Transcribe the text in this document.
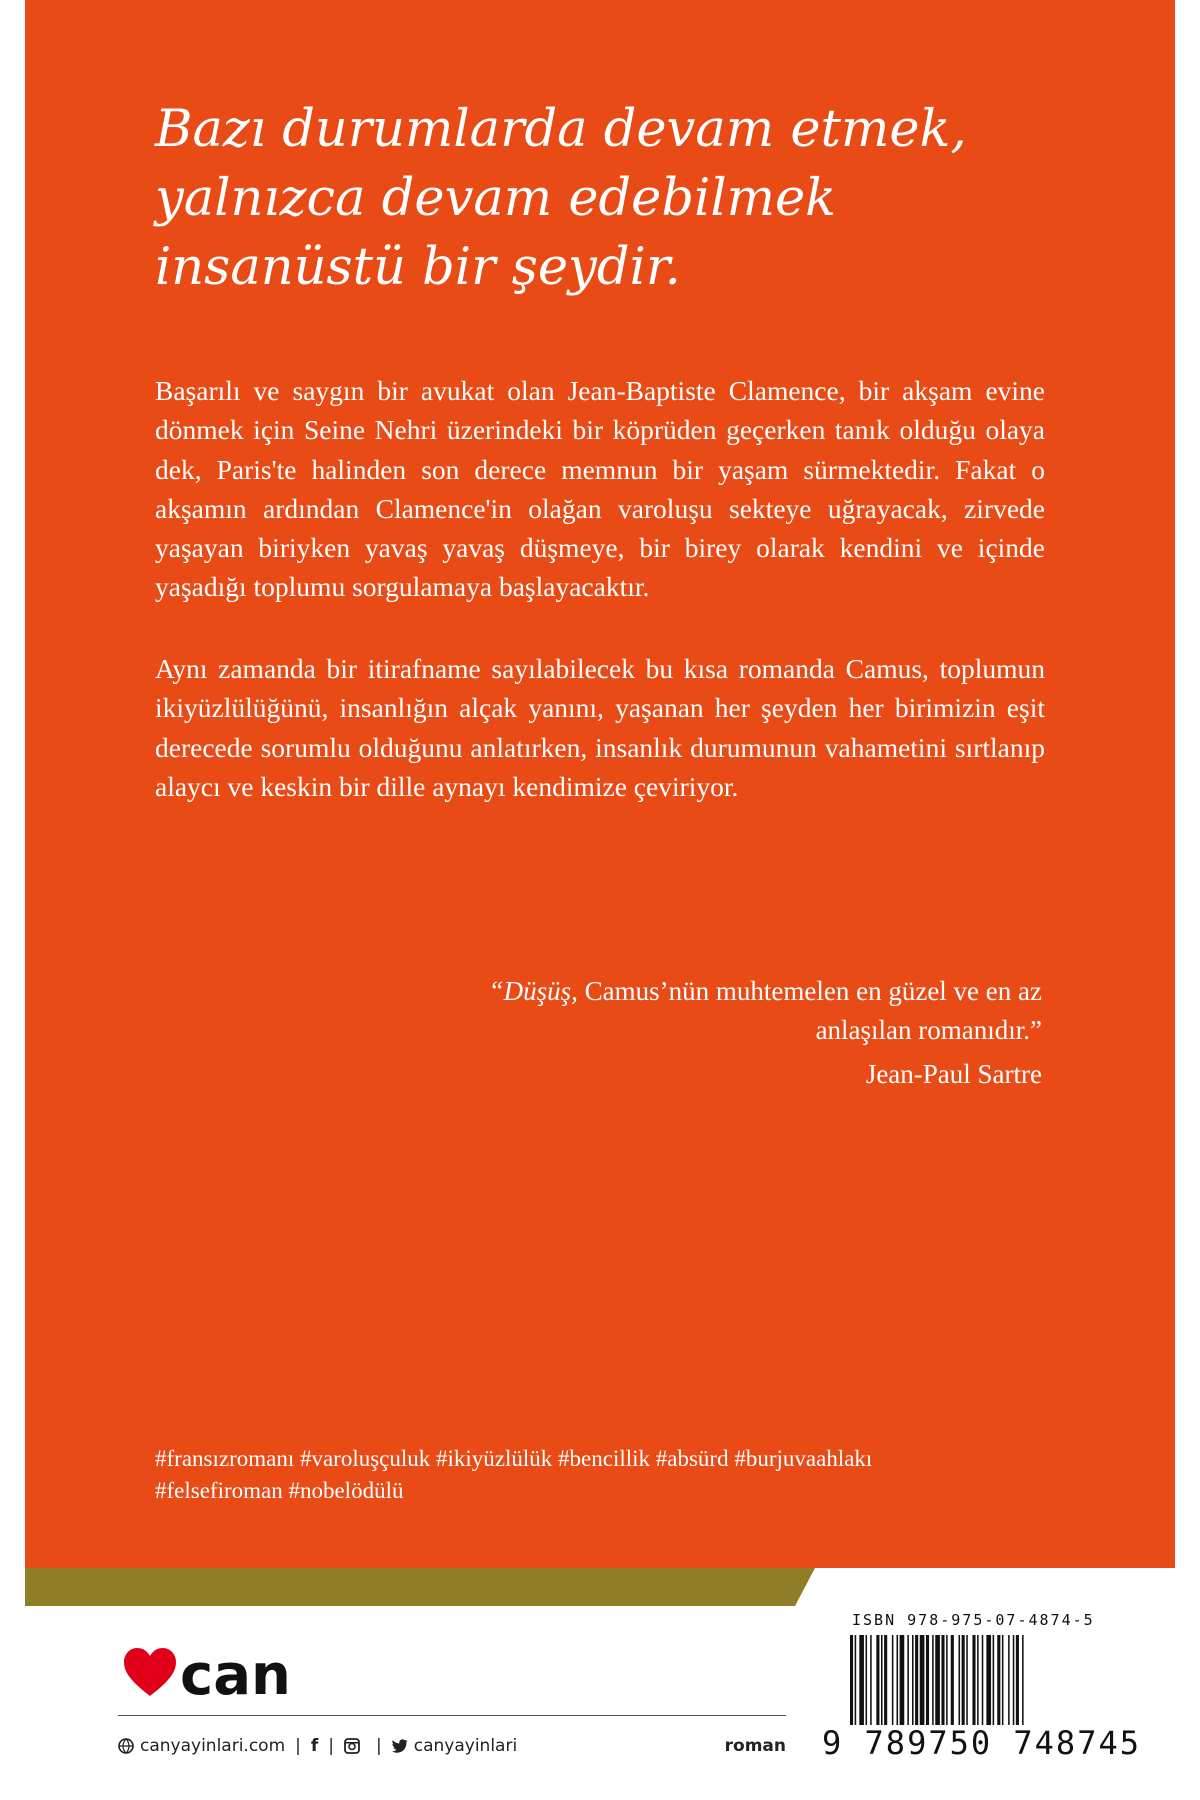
Bazı durumlarda devam etmek,
yalnızca devam edebilmek
insanüstü bir şeydir.

Başarılı ve saygın bir avukat olan Jean-Baptiste Clamence, bir akşam evine dönmek için Seine Nehri üzerindeki bir köprüden geçerken tanık olduğu olaya dek, Paris'te halinden son derece memnun bir yaşam sürmektedir. Fakat o akşamın ardından Clamence'in olağan varoluşu sekteye uğrayacak, zirvede yaşayan biriyken yavaş yavaş düşmeye, bir birey olarak kendini ve içinde yaşadığı toplumu sorgulamaya başlayacaktır.

Aynı zamanda bir itirafname sayılabilecek bu kısa romanda Camus, toplumun ikiyüzlülüğünü, insanlığın alçak yanını, yaşanan her şeyden her birimizin eşit derecede sorumlu olduğunu anlatırken, insanlık durumunun vahametini sırtlanıp alaycı ve keskin bir dille aynayı kendimize çeviriyor.

“Düşüş, Camus’nün muhtemelen en güzel ve en az
anlaşılan romanıdır.”
Jean-Paul Sartre
#fransızromanı #varoluşçuluk #ikiyüzlülük #bencillik #absürd #burjuvaahlakı
#felsefiroman #nobelödülü
can
canyayinlari.com | f | | canyayinlari	roman
ISBN 978-975-07-4874-5
9 789750 748745
